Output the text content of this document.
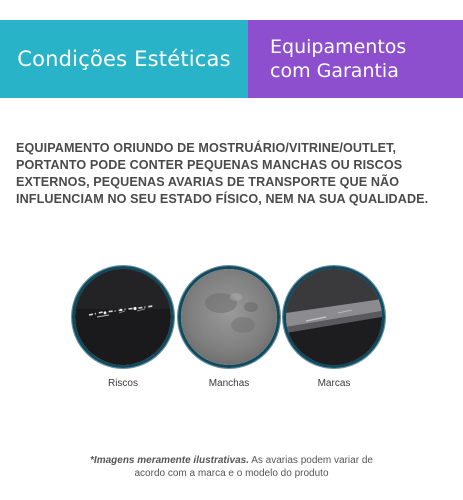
Condições Estéticas Equipamentos
com Garantia
EQUIPAMENTO ORIUNDO DE MOSTRUÁRIO/VITRINE/OUTLET,
PORTANTO PODE CONTER PEQUENAS MANCHAS OU RISCOS
EXTERNOS, PEQUENAS AVARIAS DE TRANSPORTE QUE NÃO
INFLUENCIAM NO SEU ESTADO FÍSICO, NEM NA SUA QUALIDADE.
Riscos	Manchas	Marcas
*Imagens meramente ilustrativas. As avarias podem variar de
acordo com a marca e o modelo do produto
